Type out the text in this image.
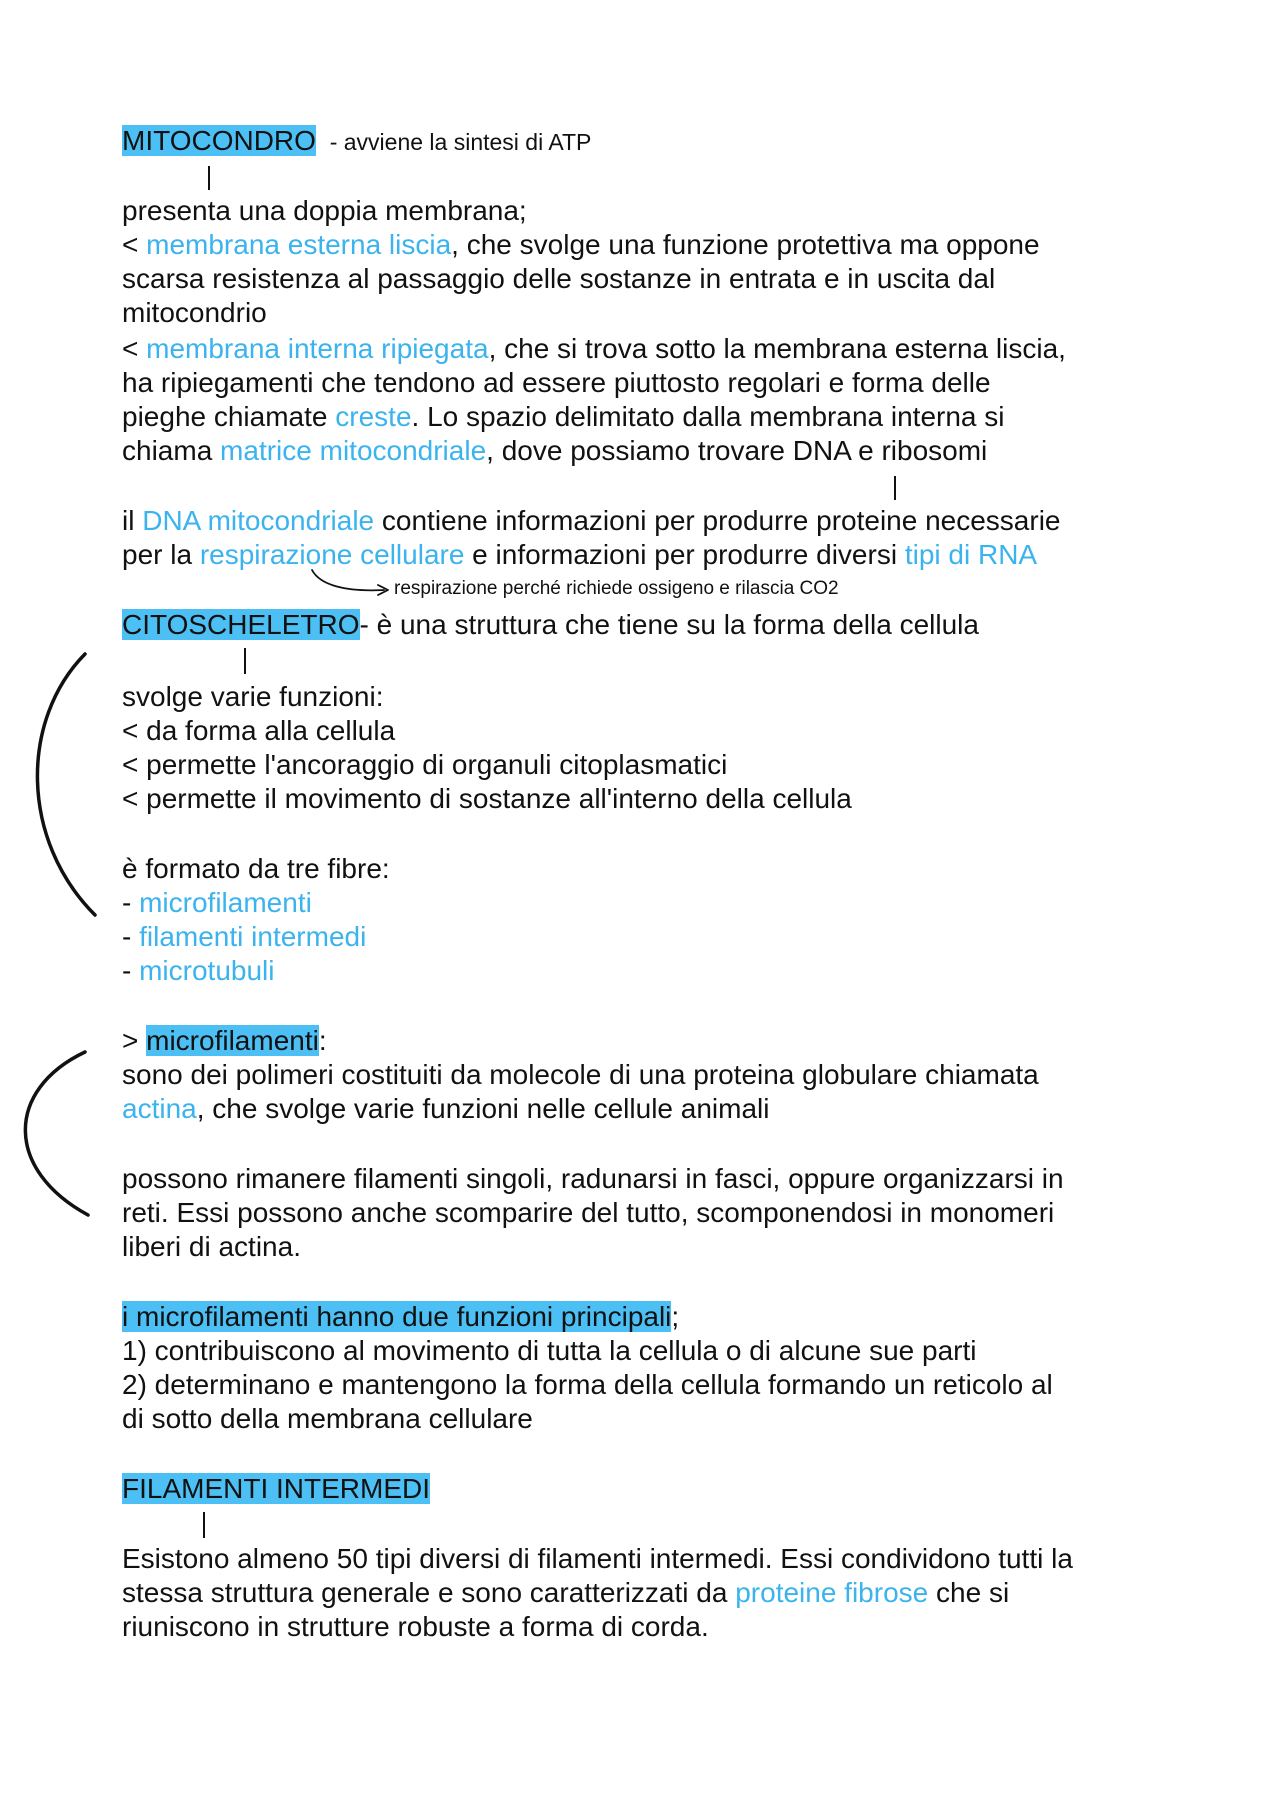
MITOCONDRO - avviene la sintesi di ATP
presenta una doppia membrana;
< membrana esterna liscia, che svolge una funzione protettiva ma oppone
scarsa resistenza al passaggio delle sostanze in entrata e in uscita dal
mitocondrio
< membrana interna ripiegata, che si trova sotto la membrana esterna liscia,
ha ripiegamenti che tendono ad essere piuttosto regolari e forma delle
pieghe chiamate creste. Lo spazio delimitato dalla membrana interna si
chiama matrice mitocondriale, dove possiamo trovare DNA e ribosomi
il DNA mitocondriale contiene informazioni per produrre proteine necessarie
per la respirazione cellulare e informazioni per produrre diversi tipi di RNA
respirazione perché richiede ossigeno e rilascia CO2
CITOSCHELETRO- è una struttura che tiene su la forma della cellula
svolge varie funzioni:
< da forma alla cellula
< permette l'ancoraggio di organuli citoplasmatici
< permette il movimento di sostanze all'interno della cellula
è formato da tre fibre:
- microfilamenti
- filamenti intermedi
- microtubuli
> microfilamenti:
sono dei polimeri costituiti da molecole di una proteina globulare chiamata
actina, che svolge varie funzioni nelle cellule animali
possono rimanere filamenti singoli, radunarsi in fasci, oppure organizzarsi in
reti. Essi possono anche scomparire del tutto, scomponendosi in monomeri
liberi di actina.
i microfilamenti hanno due funzioni principali;
1) contribuiscono al movimento di tutta la cellula o di alcune sue parti
2) determinano e mantengono la forma della cellula formando un reticolo al
di sotto della membrana cellulare
FILAMENTI INTERMEDI
Esistono almeno 50 tipi diversi di filamenti intermedi. Essi condividono tutti la
stessa struttura generale e sono caratterizzati da proteine fibrose che si
riuniscono in strutture robuste a forma di corda.
